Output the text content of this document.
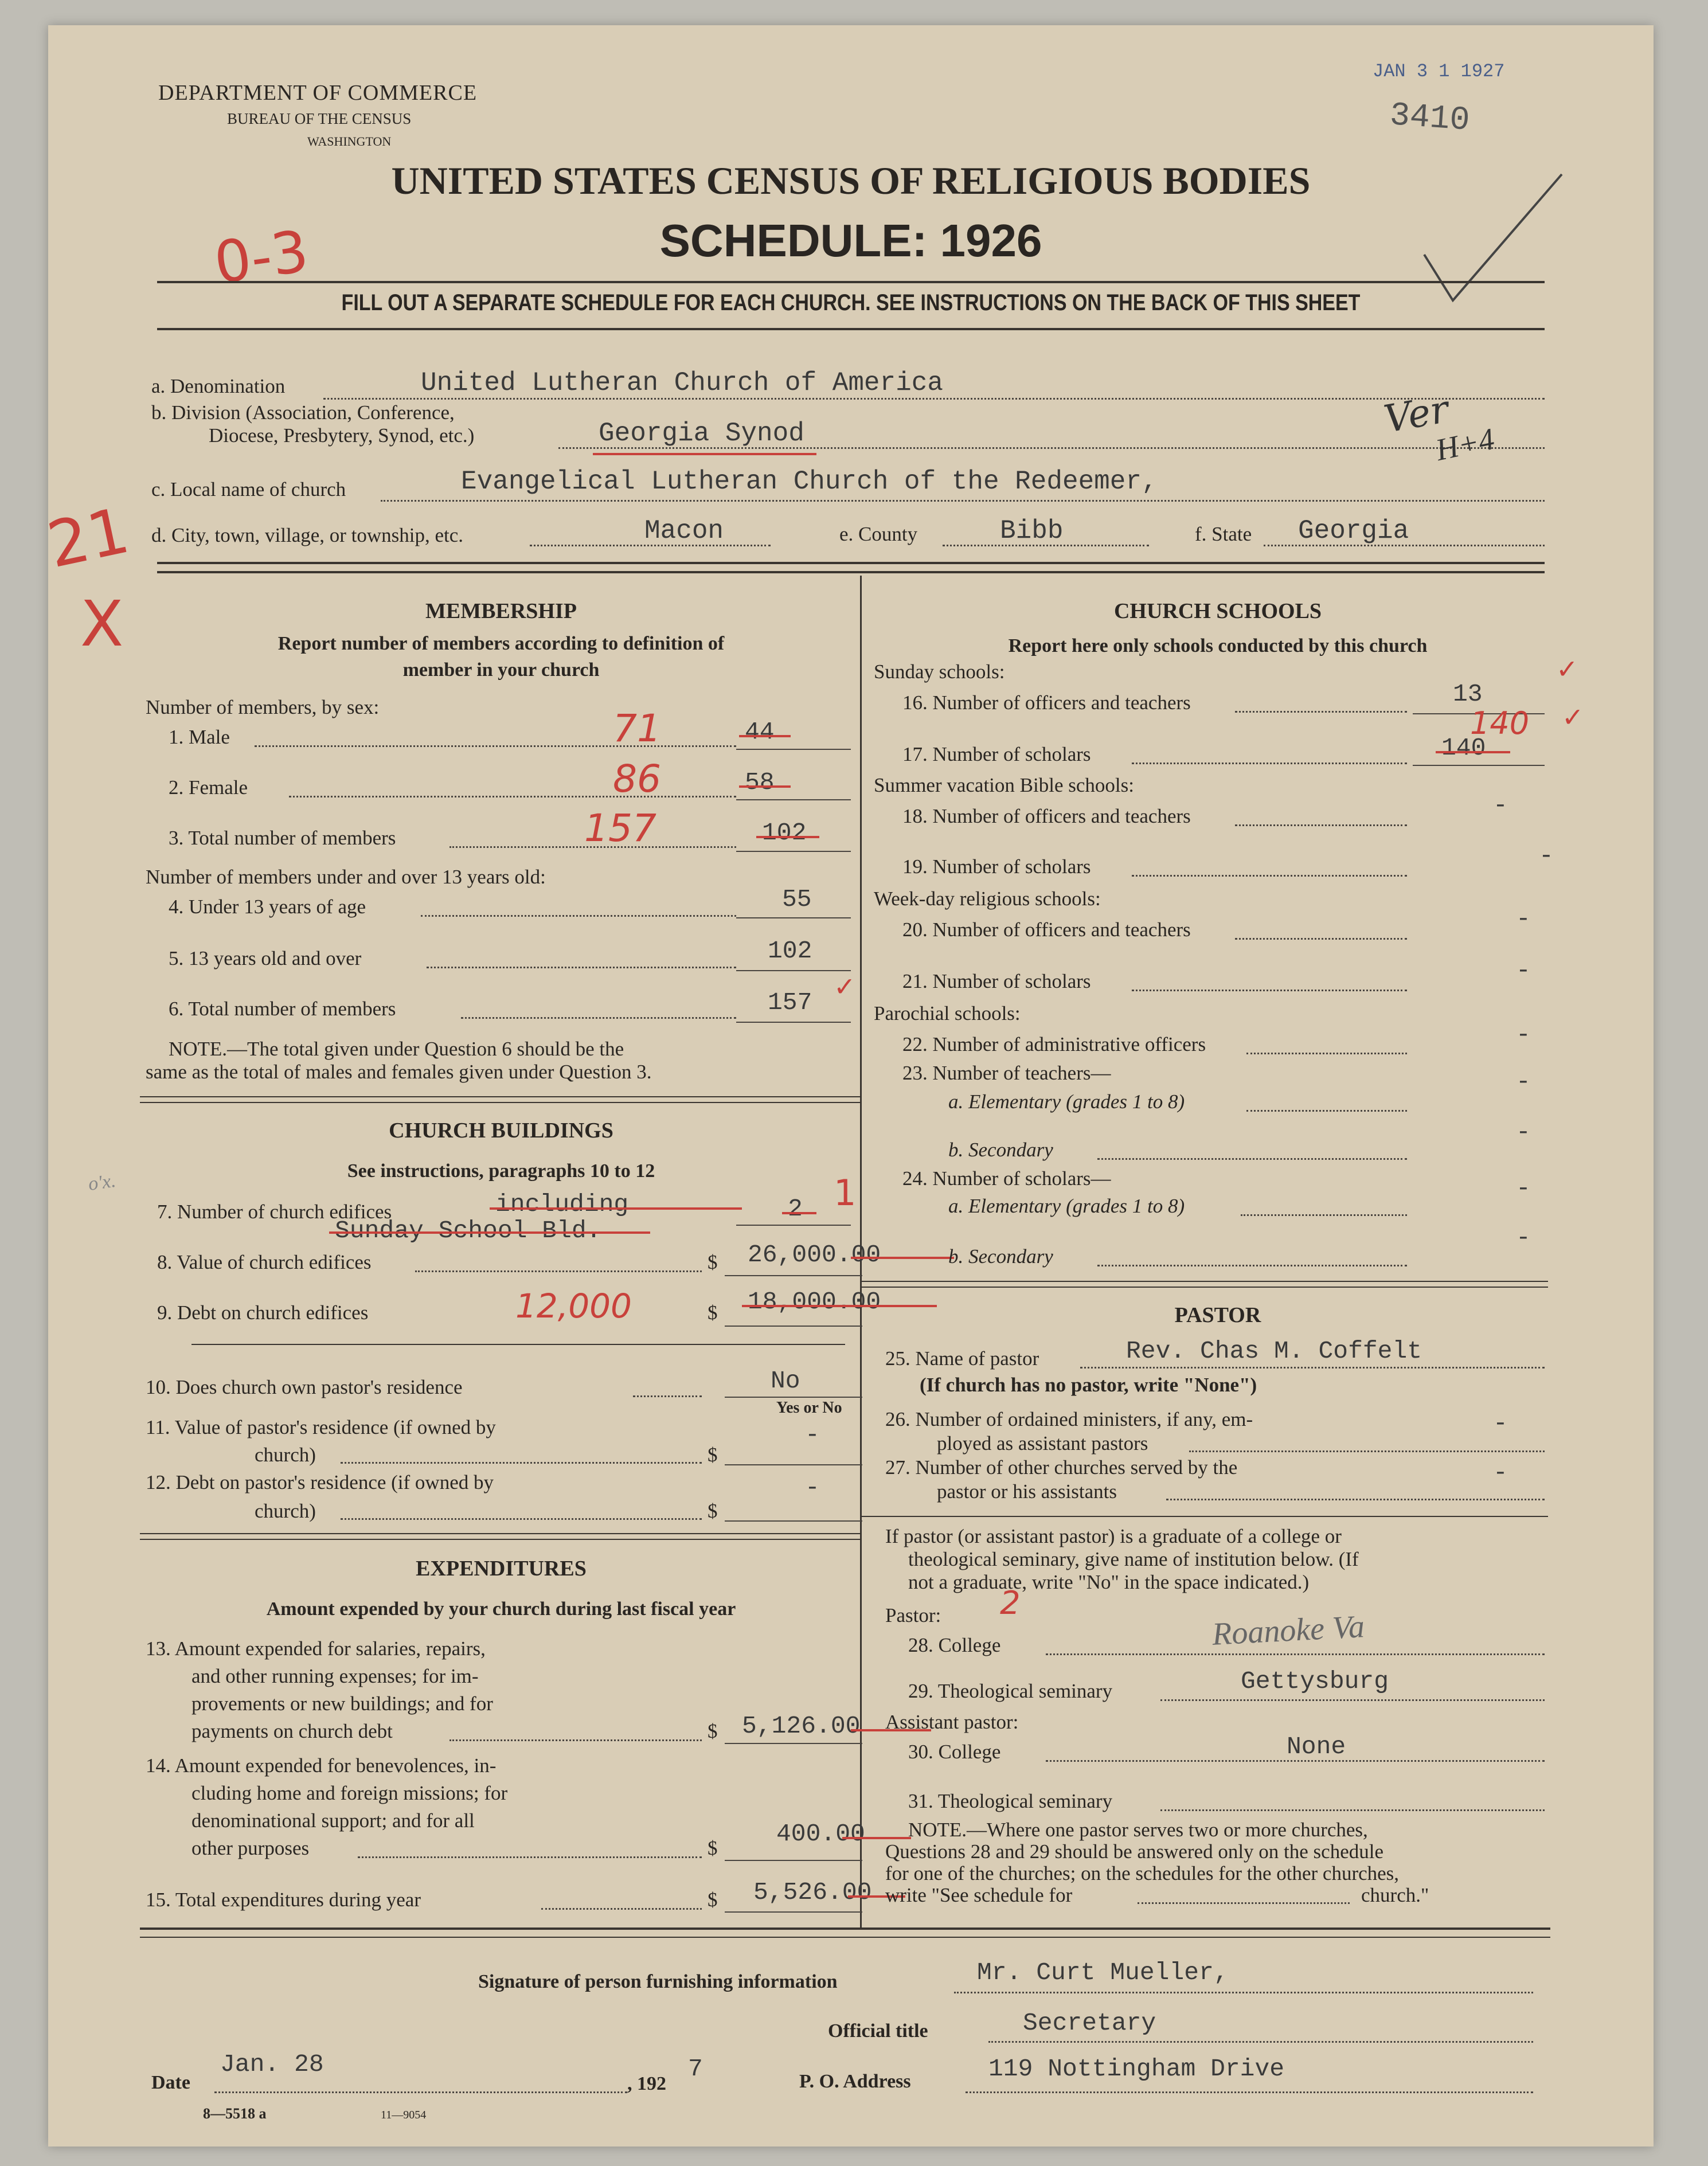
DEPARTMENT OF COMMERCE
BUREAU OF THE CENSUS
WASHINGTON
UNITED STATES CENSUS OF RELIGIOUS BODIES
SCHEDULE: 1926
JAN 3 1 1927
3410
0-3
FILL OUT A SEPARATE SCHEDULE FOR EACH CHURCH. SEE INSTRUCTIONS ON THE BACK OF THIS SHEET
a. Denomination	United Lutheran Church of America
b. Division (Association, Conference,
Diocese, Presbytery, Synod, etc.)	Georgia Synod	Ver
H+4
c. Local name of church	Evangelical Lutheran Church of the Redeemer,
d. City, town, village, or township, etc.	Macon	e. County	Bibb	f. State Georgia
21
X	MEMBERSHIP
Report number of members according to definition of
member in your church
Number of members, by sex:
1. Male	71	44
2. Female	86	58
3. Total number of members	157	102
Number of members under and over 13 years old:
4. Under 13 years of age	55
5. 13 years old and over	102
6. Total number of members	157
✓
NOTE.—The total given under Question 6 should be the
same as the total of males and females given under Question 3.
CHURCH BUILDINGS
See instructions, paragraphs 10 to 12
o'x.
7. Number of church edifices	including
Sunday School Bld.
2 1
8. Value of church edifices	$ 26,000.00
9. Debt on church edifices	12,000	$ 18,000.00
10. Does church own pastor's residence	No
Yes or No
11. Value of pastor's residence (if owned by
church)	$
-
12. Debt on pastor's residence (if owned by
church)	$
-
EXPENDITURES
Amount expended by your church during last fiscal year
13. Amount expended for salaries, repairs,
and other running expenses; for im-
provements or new buildings; and for
payments on church debt	$ 5,126.00
14. Amount expended for benevolences, in-
cluding home and foreign missions; for
denominational support; and for all
other purposes	$
400.00
15. Total expenditures during year	$ 5,526.00
CHURCH SCHOOLS
Report here only schools conducted by this church
Sunday schools:
16. Number of officers and teachers	13
✓
17. Number of scholars	140
140 ✓
Summer vacation Bible schools:
18. Number of officers and teachers	-
19. Number of scholars	-
Week-day religious schools:
20. Number of officers and teachers	-
21. Number of scholars	-
Parochial schools:
22. Number of administrative officers	-
23. Number of teachers—
a. Elementary (grades 1 to 8)
-
b. Secondary
-
24. Number of scholars—
a. Elementary (grades 1 to 8)
-
b. Secondary
-
PASTOR
25. Name of pastor	Rev. Chas M. Coffelt
(If church has no pastor, write "None")
26. Number of ordained ministers, if any, em-
ployed as assistant pastors
-
27. Number of other churches served by the
pastor or his assistants
-
If pastor (or assistant pastor) is a graduate of a college or
theological seminary, give name of institution below. (If
not a graduate, write "No" in the space indicated.)
Pastor: 2
28. College	Roanoke Va
29. Theological seminary	Gettysburg
Assistant pastor:
30. College	None
31. Theological seminary
NOTE.—Where one pastor serves two or more churches,
Questions 28 and 29 should be answered only on the schedule
for one of the churches; on the schedules for the other churches,
write "See schedule for	church."
Signature of person furnishing information	Mr. Curt Mueller,
Official title	Secretary
Date
Jan. 28
, 192
7	P. O. Address	119 Nottingham Drive
8—5518 a	11—9054
